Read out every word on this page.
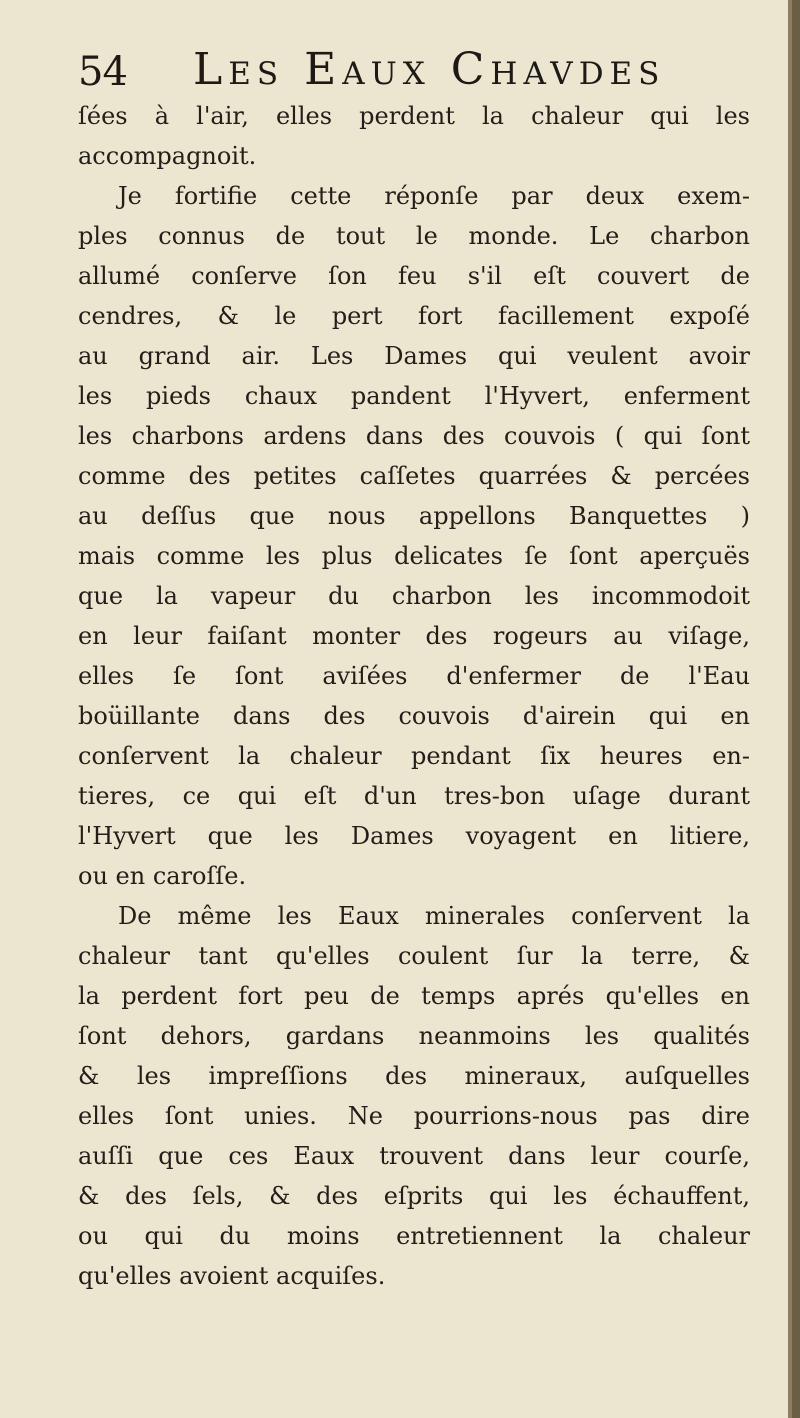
54 Les Eaux Chavdes
ſées à l'air, elles perdent la chaleur qui les
accompagnoit.
Je fortifie cette réponſe par deux exem-
ples connus de tout le monde. Le charbon
allumé conſerve ſon feu s'il eſt couvert de
cendres, & le pert fort facillement expoſé
au grand air. Les Dames qui veulent avoir
les pieds chaux pandent l'Hyvert, enferment
les charbons ardens dans des couvois ( qui ſont
comme des petites caſſetes quarrées & percées
au deſſus que nous appellons Banquettes )
mais comme les plus delicates ſe ſont aperçuës
que la vapeur du charbon les incommodoit
en leur faiſant monter des rogeurs au viſage,
elles ſe ſont aviſées d'enfermer de l'Eau
boüillante dans des couvois d'airein qui en
conſervent la chaleur pendant ſix heures en-
tieres, ce qui eſt d'un tres-bon uſage durant
l'Hyvert que les Dames voyagent en litiere,
ou en caroſſe.
De même les Eaux minerales conſervent la
chaleur tant qu'elles coulent ſur la terre, &
la perdent fort peu de temps aprés qu'elles en
ſont dehors, gardans neanmoins les qualités
& les impreſſions des mineraux, auſquelles
elles ſont unies. Ne pourrions-nous pas dire
auſſi que ces Eaux trouvent dans leur courſe,
& des ſels, & des eſprits qui les échauffent,
ou qui du moins entretiennent la chaleur
qu'elles avoient acquiſes.
